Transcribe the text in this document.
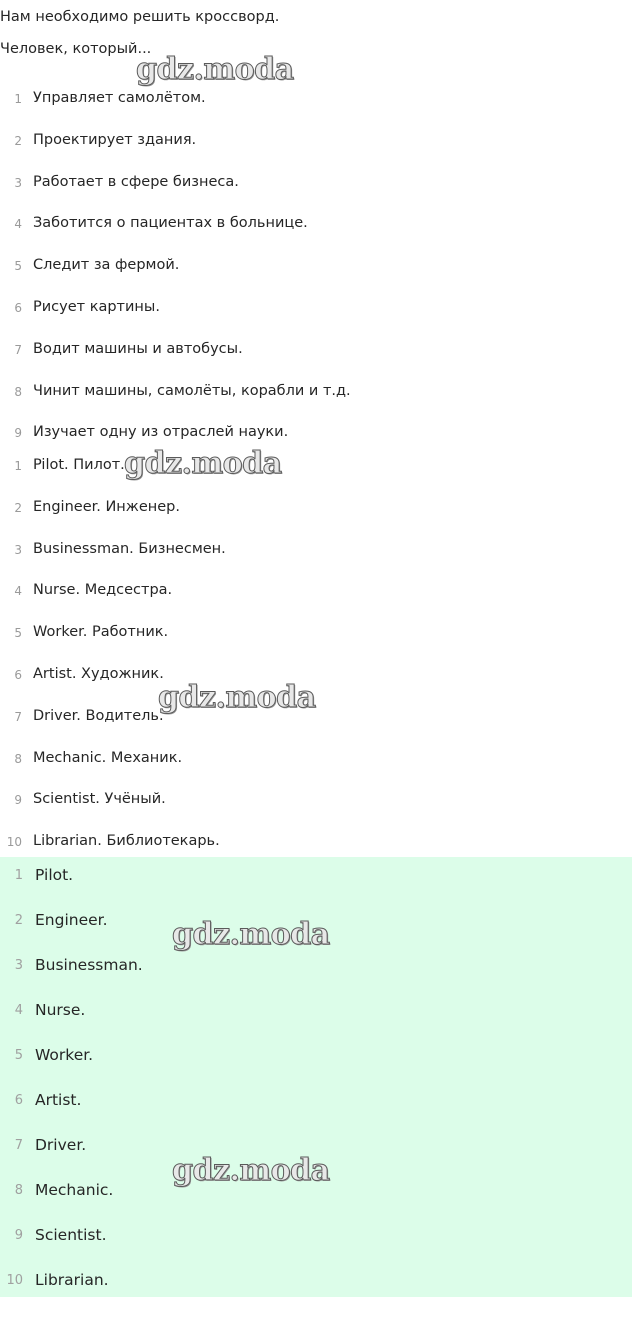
Нам необходимо решить кроссворд.
Человек, который...
1 Управляет самолётом.
2 Проектирует здания.
3 Работает в сфере бизнеса.
4 Заботится о пациентах в больнице.
5 Следит за фермой.
6 Рисует картины.
7 Водит машины и автобусы.
8 Чинит машины, самолёты, корабли и т.д.
9 Изучает одну из отраслей науки.
1 Pilot. Пилот.
2 Engineer. Инженер.
3 Businessman. Бизнесмен.
4 Nurse. Медсестра.
5 Worker. Работник.
6 Artist. Художник.
7 Driver. Водитель.
8 Mechanic. Механик.
9 Scientist. Учёный.
10 Librarian. Библиотекарь.
1 Pilot.
2 Engineer.
3 Businessman.
4 Nurse.
5 Worker.
6 Artist.
7 Driver.
8 Mechanic.
9 Scientist.
10 Librarian.
gdz.moda
gdz.moda
gdz.moda
gdz.moda
gdz.moda
